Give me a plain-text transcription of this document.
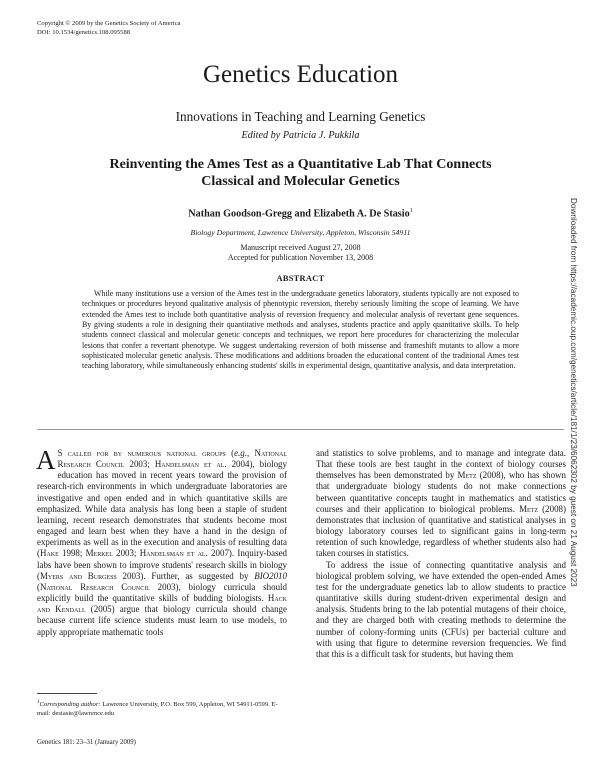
Copyright © 2009 by the Genetics Society of America
DOI: 10.1534/genetics.108.095588
Downloaded from https://academic.oup.com/genetics/article/181/1/23/6062302 by guest on 21 August 2023
Genetics Education
Innovations in Teaching and Learning Genetics
Edited by Patricia J. Pukkila
Reinventing the Ames Test as a Quantitative Lab That Connects
Classical and Molecular Genetics
Nathan Goodson-Gregg and Elizabeth A. De Stasio$^1$
Biology Department, Lawrence University, Appleton, Wisconsin 54911
Manuscript received August 27, 2008
Accepted for publication November 13, 2008
ABSTRACT

While many institutions use a version of the Ames test in the undergraduate genetics laboratory, students typically are not exposed to techniques or procedures beyond qualitative analysis of phenotypic reversion, thereby seriously limiting the scope of learning. We have extended the Ames test to include both quantitative analysis of reversion frequency and molecular analysis of revertant gene sequences. By giving students a role in designing their quantitative methods and analyses, students practice and apply quantitative skills. To help students connect classical and molecular genetic concepts and techniques, we report here procedures for characterizing the molecular lesions that confer a revertant phenotype. We suggest undertaking reversion of both missense and frameshift mutants to allow a more sophisticated molecular genetic analysis. These modifications and additions broaden the educational content of the traditional Ames test teaching laboratory, while simultaneously enhancing students' skills in experimental design, quantitative analysis, and data interpretation.

A S called for by numerous national groups (e.g., National Research Council 2003; Handelsman et al. 2004), biology education has moved in recent years toward the provision of research-rich environments in which undergraduate laboratories are investigative and open ended and in which quantitative skills are emphasized. While data analysis has long been a staple of student learning, recent research demonstrates that students become most engaged and learn best when they have a hand in the design of experiments as well as in the execution and analysis of resulting data (Hake 1998; Merkel 2003; Handelsman et al. 2007). Inquiry-based labs have been shown to improve students' research skills in biology (Myers and Burgess 2003). Further, as suggested by BIO2010 (National Research Council 2003), biology curricula should explicitly build the quantitative skills of budding biologists. Hack and Kendall (2005) argue that biology curricula should change because current life science students must learn to use models, to apply appropriate mathematic tools

and statistics to solve problems, and to manage and integrate data. That these tools are best taught in the context of biology courses themselves has been demonstrated by Metz (2008), who has shown that undergraduate biology students do not make connections between quantitative concepts taught in mathematics and statistics courses and their application to biological problems. Metz (2008) demonstrates that inclusion of quantitative and statistical analyses in biology laboratory courses led to significant gains in long-term retention of such knowledge, regardless of whether students also had taken courses in statistics.

To address the issue of connecting quantitative analysis and biological problem solving, we have extended the open-ended Ames test for the undergraduate genetics lab to allow students to practice quantitative skills during student-driven experimental design and analysis. Students bring to the lab potential mutagens of their choice, and they are charged both with creating methods to determine the number of colony-forming units (CFUs) per bacterial culture and with using that figure to determine reversion frequencies. We find that this is a difficult task for students, but having them

$^1$Corresponding author: Lawrence University, P.O. Box 599, Appleton, WI 54911-0599. E-mail: destasie@lawrence.edu
Genetics 181: 23–31 (January 2009)
